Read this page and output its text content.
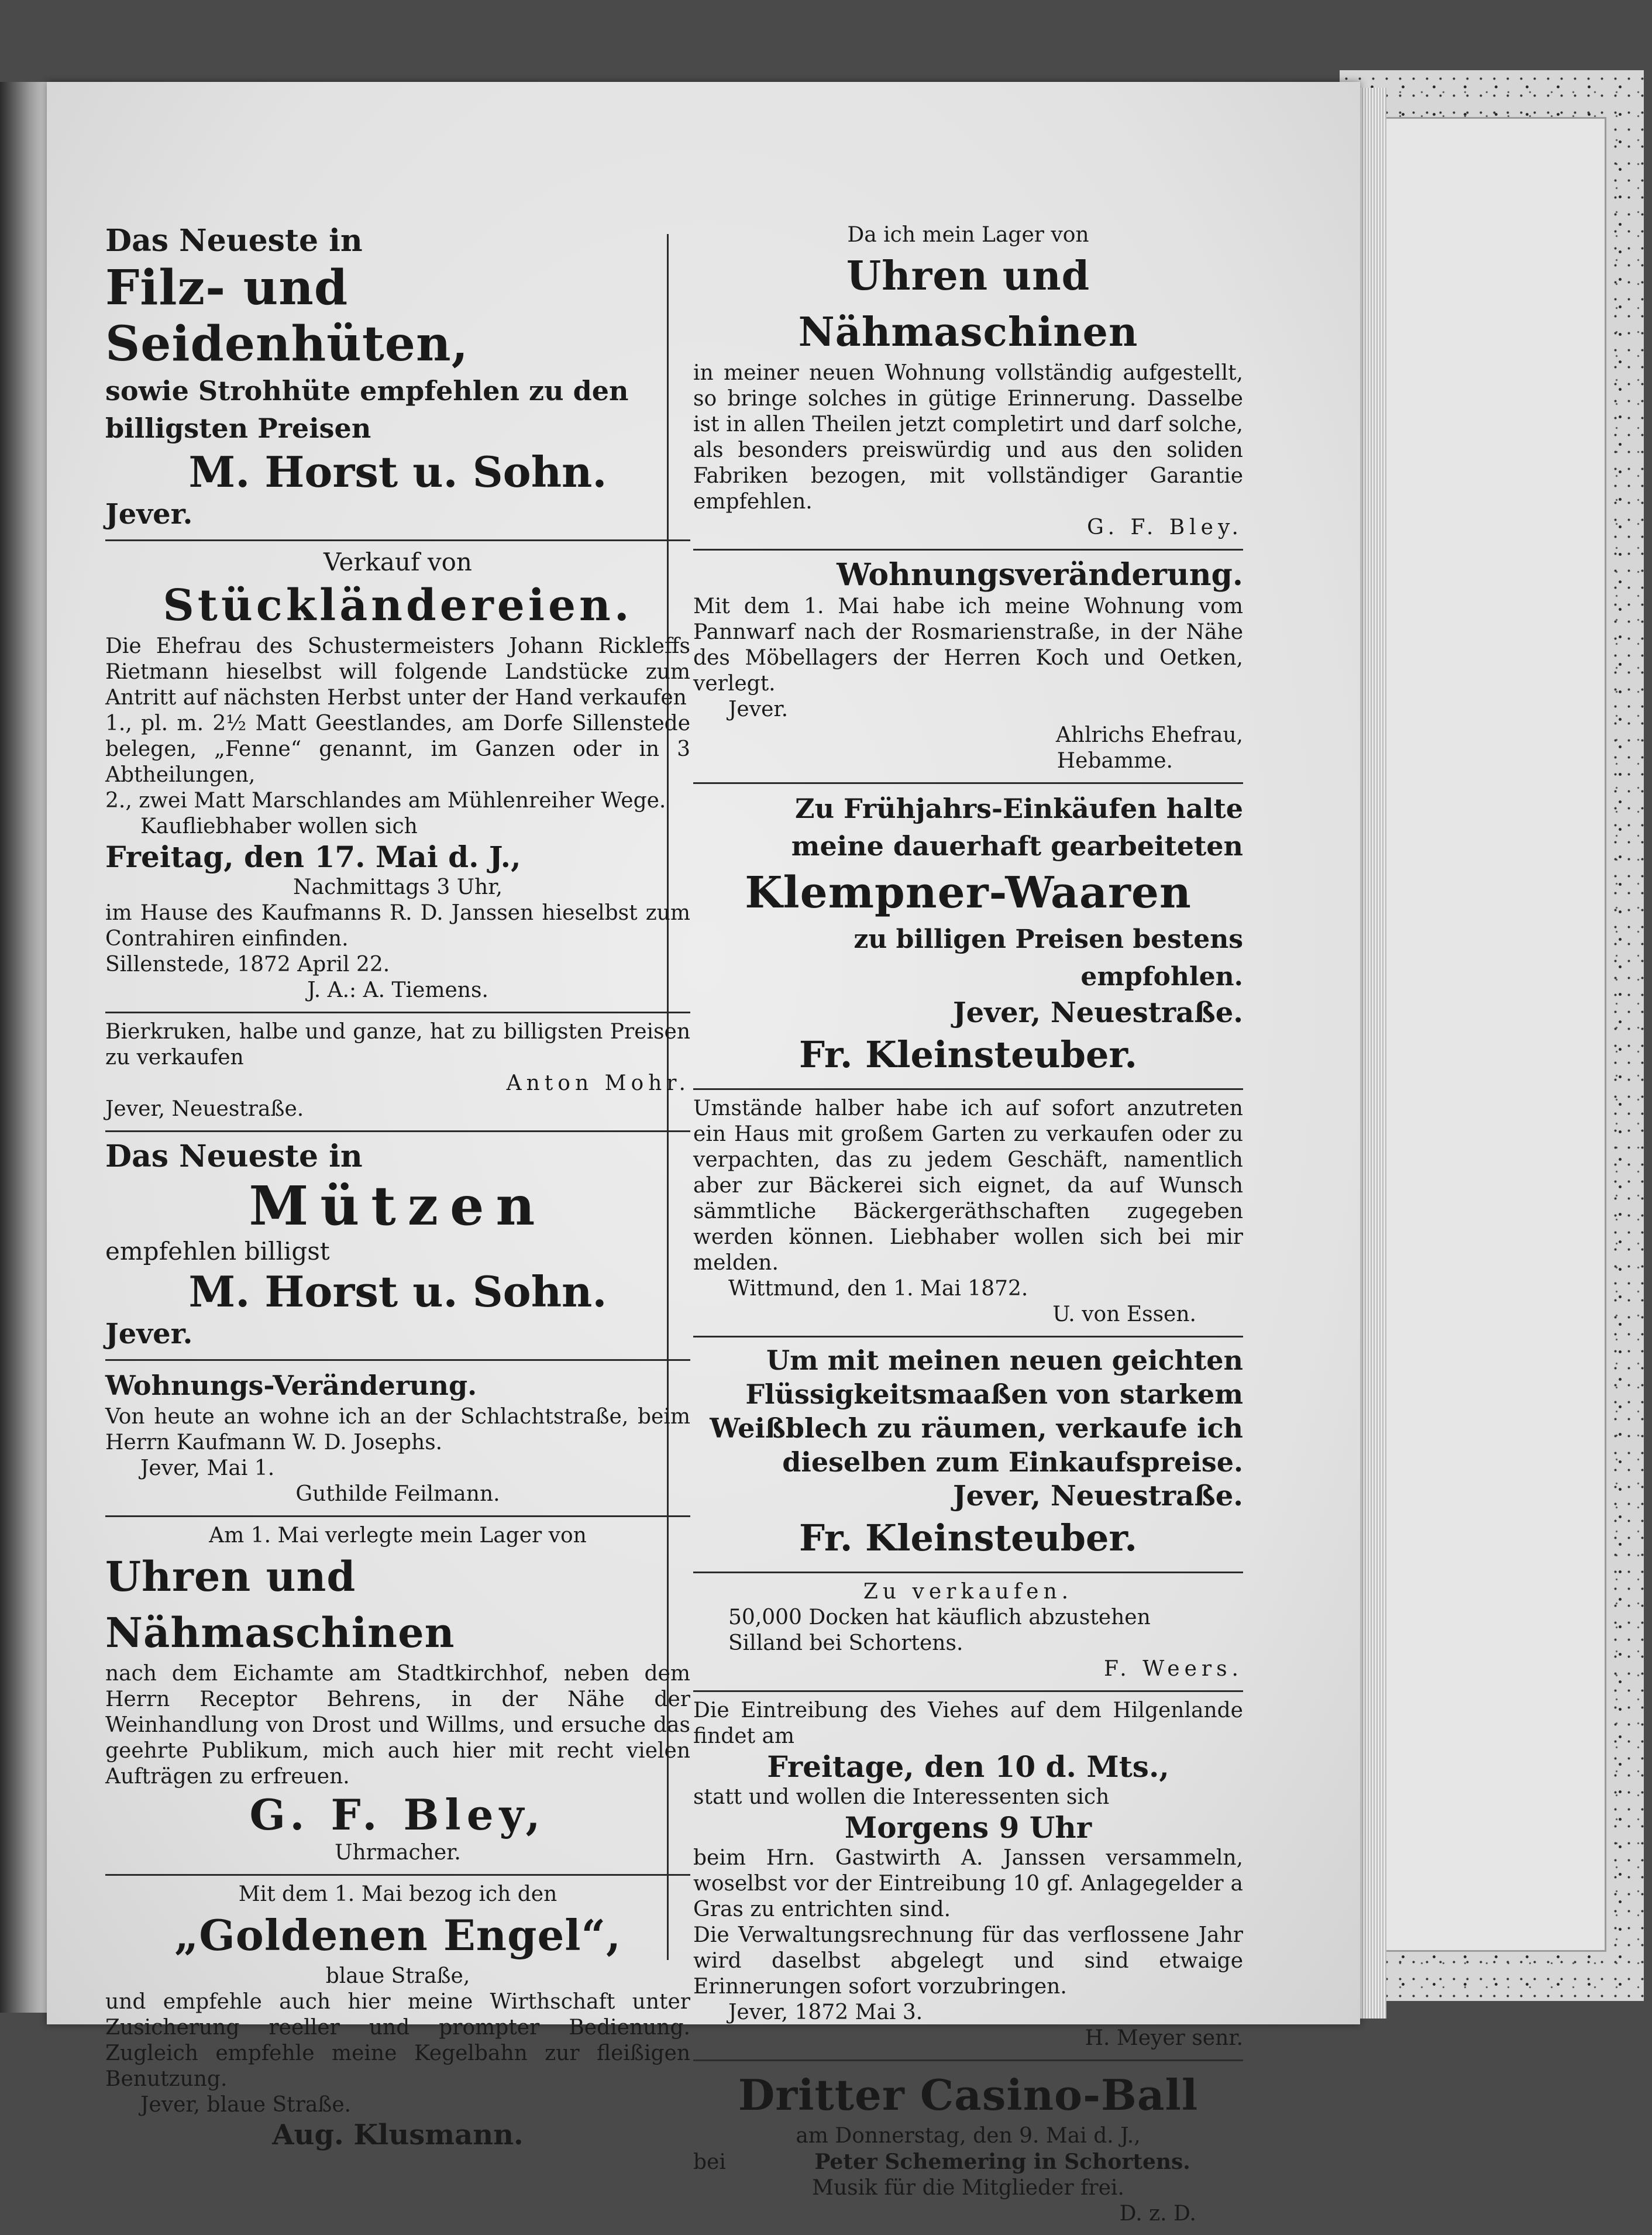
Das Neueste in

Filz- und Seidenhüten,

sowie Strohhüte empfehlen zu den

billigsten Preisen

M. Horst u. Sohn.

Jever.

Verkauf von

Stückländereien.

Die Ehefrau des Schustermeisters Johann Rickleffs Rietmann hieselbst will folgende Landstücke zum Antritt auf nächsten Herbst unter der Hand verkaufen

1., pl. m. 2½ Matt Geestlandes, am Dorfe Sillenstede belegen, „Fenne“ genannt, im Ganzen oder in 3 Abtheilungen,

2., zwei Matt Marschlandes am Mühlenreiher Wege.

Kaufliebhaber wollen sich

Freitag, den 17. Mai d. J.,

Nachmittags 3 Uhr,

im Hause des Kaufmanns R. D. Janssen hieselbst zum Contrahiren einfinden.

Sillenstede, 1872 April 22.

J. A.: A. Tiemens.

Bierkruken, halbe und ganze, hat zu billigsten Preisen zu verkaufen

Anton Mohr.

Jever, Neuestraße.

Das Neueste in

Mützen

empfehlen billigst

M. Horst u. Sohn.

Jever.

Wohnungs-Veränderung.

Von heute an wohne ich an der Schlachtstraße, beim Herrn Kaufmann W. D. Josephs.

Jever, Mai 1.

Guthilde Feilmann.

Am 1. Mai verlegte mein Lager von

Uhren und Nähmaschinen

nach dem Eichamte am Stadtkirchhof, neben dem Herrn Receptor Behrens, in der Nähe der Weinhandlung von Drost und Willms, und ersuche das geehrte Publikum, mich auch hier mit recht vielen Aufträgen zu erfreuen.

G. F. Bley,

Uhrmacher.

Mit dem 1. Mai bezog ich den

„Goldenen Engel“,

blaue Straße,

und empfehle auch hier meine Wirthschaft unter Zusicherung reeller und prompter Bedienung. Zugleich empfehle meine Kegelbahn zur fleißigen Benutzung.

Jever, blaue Straße.

Aug. Klusmann.

Da ich mein Lager von

Uhren und Nähmaschinen

in meiner neuen Wohnung vollständig aufgestellt, so bringe solches in gütige Erinnerung. Dasselbe ist in allen Theilen jetzt completirt und darf solche, als besonders preiswürdig und aus den soliden Fabriken bezogen, mit vollständiger Garantie empfehlen.

G. F. Bley.

Wohnungsveränderung.

Mit dem 1. Mai habe ich meine Wohnung vom Pannwarf nach der Rosmarienstraße, in der Nähe des Möbellagers der Herren Koch und Oetken, verlegt.

Jever.

Ahlrichs Ehefrau,

Hebamme.

Zu Frühjahrs-Einkäufen halte

meine dauerhaft gearbeiteten

Klempner-Waaren

zu billigen Preisen bestens empfohlen.

Jever, Neuestraße.

Fr. Kleinsteuber.

Umstände halber habe ich auf sofort anzutreten ein Haus mit großem Garten zu verkaufen oder zu verpachten, das zu jedem Geschäft, namentlich aber zur Bäckerei sich eignet, da auf Wunsch sämmtliche Bäckergeräthschaften zugegeben werden können. Liebhaber wollen sich bei mir melden.

Wittmund, den 1. Mai 1872.

U. von Essen.

Um mit meinen neuen geichten Flüssigkeitsmaaßen von starkem Weißblech zu räumen, verkaufe ich dieselben zum Einkaufspreise.

Jever, Neuestraße.

Fr. Kleinsteuber.

Zu verkaufen.

50,000 Docken hat käuflich abzustehen

Silland bei Schortens.

F. Weers.

Die Eintreibung des Viehes auf dem Hilgenlande findet am

Freitage, den 10 d. Mts.,

statt und wollen die Interessenten sich

Morgens 9 Uhr

beim Hrn. Gastwirth A. Janssen versammeln, woselbst vor der Eintreibung 10 gf. Anlagegelder a Gras zu entrichten sind.

Die Verwaltungsrechnung für das verflossene Jahr wird daselbst abgelegt und sind etwaige Erinnerungen sofort vorzubringen.

Jever, 1872 Mai 3.

H. Meyer senr.

Dritter Casino-Ball

am Donnerstag, den 9. Mai d. J.,

bei	Peter Schemering in Schortens.

Musik für die Mitglieder frei.

D. z. D.
